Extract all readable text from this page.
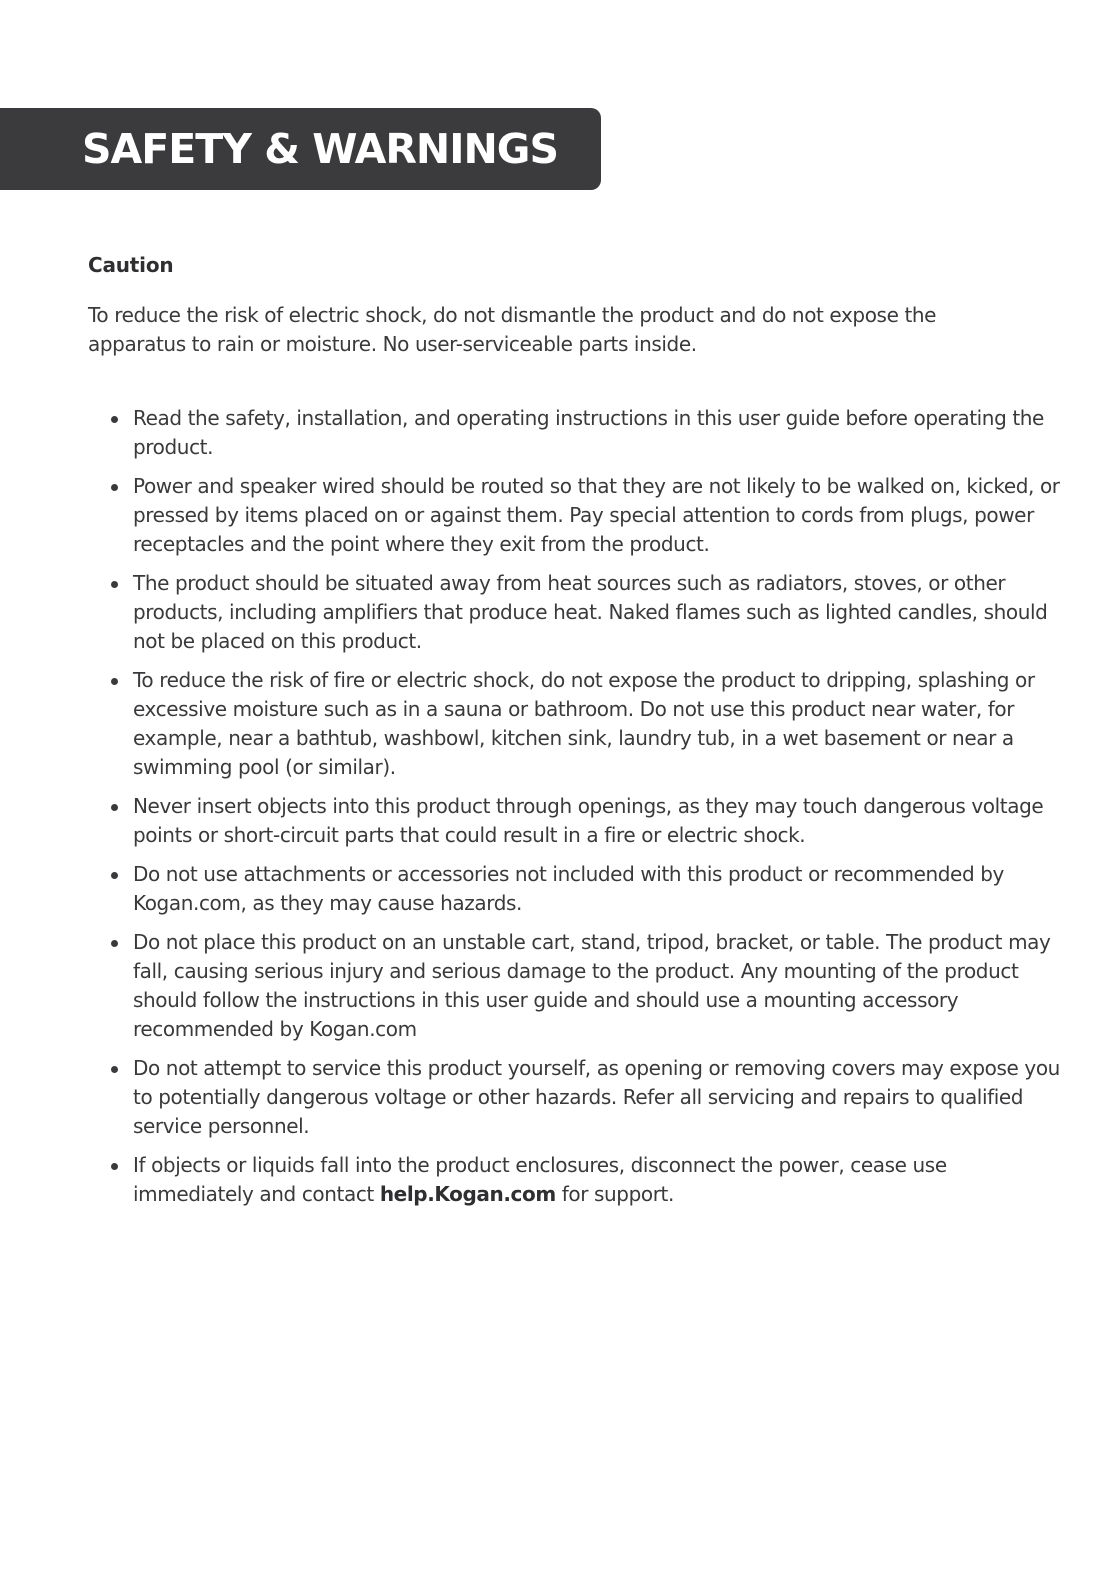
SAFETY & WARNINGS
Caution
To reduce the risk of electric shock, do not dismantle the product and do not expose the apparatus to rain or moisture. No user-serviceable parts inside.
Read the safety, installation, and operating instructions in this user guide before operating the product.
Power and speaker wired should be routed so that they are not likely to be walked on, kicked, or pressed by items placed on or against them. Pay special attention to cords from plugs, power receptacles and the point where they exit from the product.
The product should be situated away from heat sources such as radiators, stoves, or other products, including amplifiers that produce heat. Naked flames such as lighted candles, should not be placed on this product.
To reduce the risk of fire or electric shock, do not expose the product to dripping, splashing or excessive moisture such as in a sauna or bathroom. Do not use this product near water, for example, near a bathtub, washbowl, kitchen sink, laundry tub, in a wet basement or near a swimming pool (or similar).
Never insert objects into this product through openings, as they may touch dangerous voltage points or short-circuit parts that could result in a fire or electric shock.
Do not use attachments or accessories not included with this product or recommended by Kogan.com, as they may cause hazards.
Do not place this product on an unstable cart, stand, tripod, bracket, or table. The product may fall, causing serious injury and serious damage to the product. Any mounting of the product should follow the instructions in this user guide and should use a mounting accessory recommended by Kogan.com
Do not attempt to service this product yourself, as opening or removing covers may expose you to potentially dangerous voltage or other hazards. Refer all servicing and repairs to qualified service personnel.
If objects or liquids fall into the product enclosures, disconnect the power, cease use immediately and contact help.Kogan.com for support.
